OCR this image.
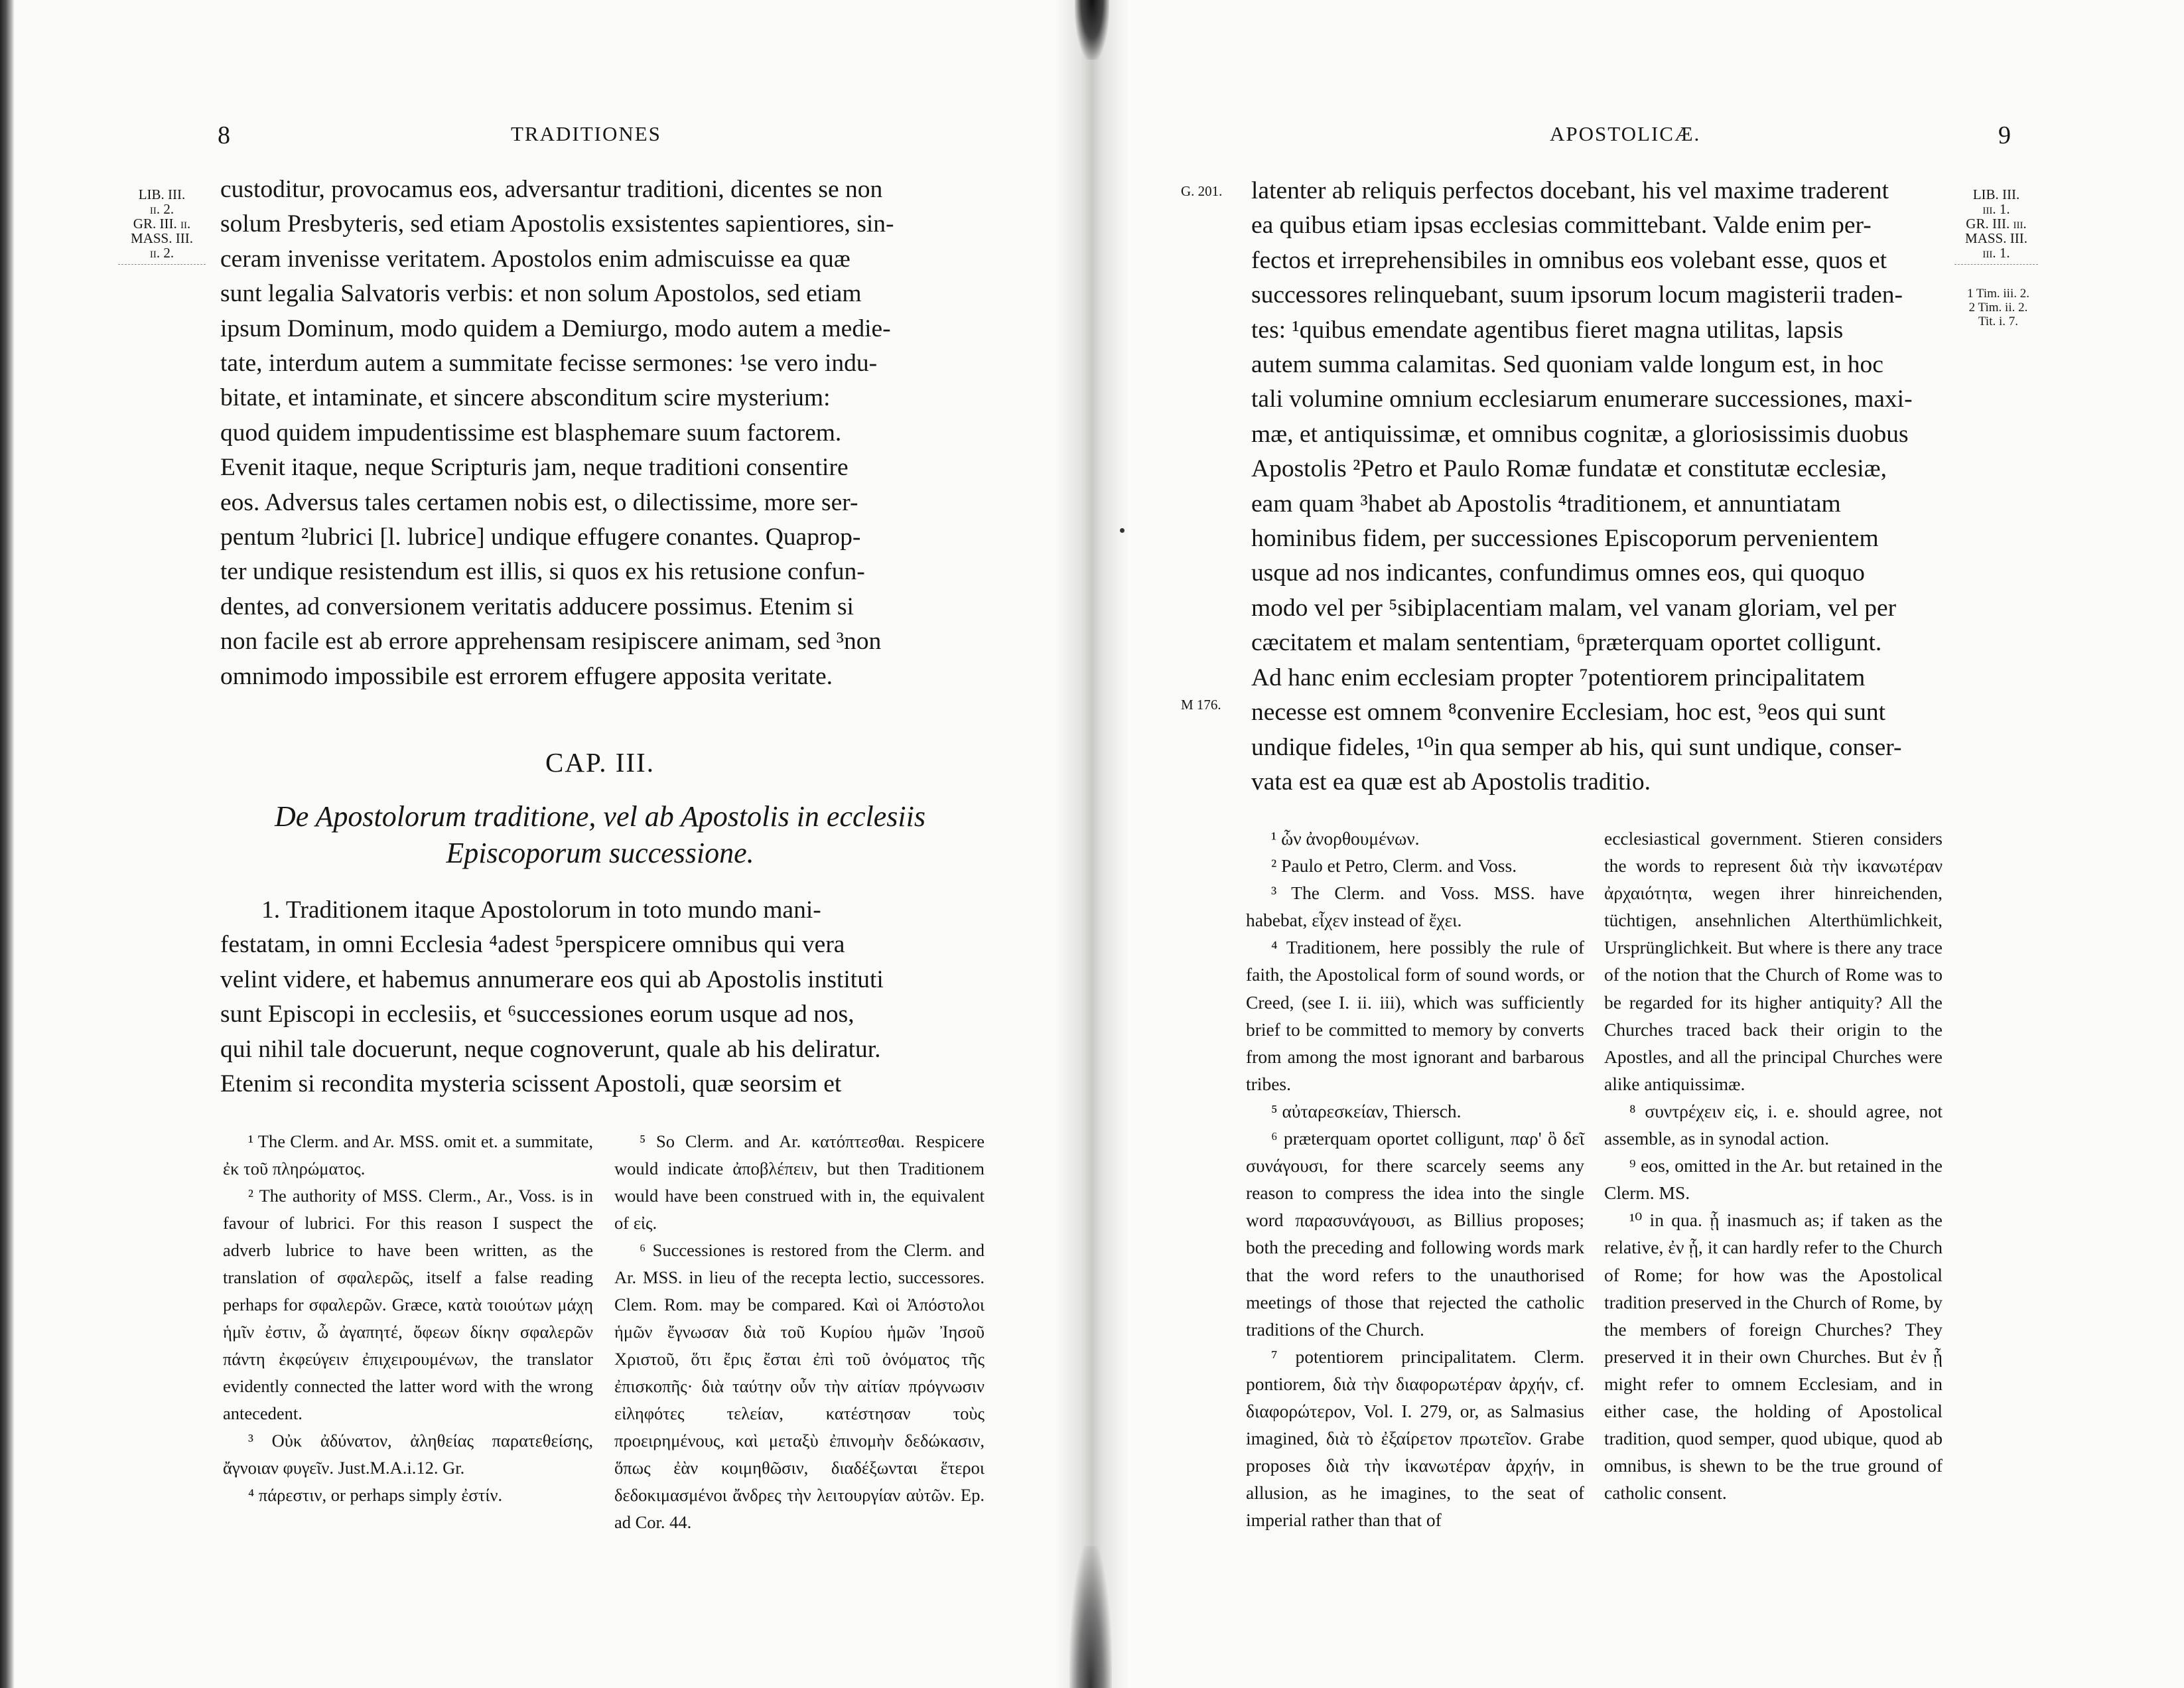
8	TRADITIONES
LIB. III.
ii. 2.
GR. III. ii.
MASS. III.
ii. 2.

custoditur, provocamus eos, adversantur traditioni, dicentes se non

solum Presbyteris, sed etiam Apostolis exsistentes sapientiores, sin-

ceram invenisse veritatem. Apostolos enim admiscuisse ea quæ

sunt legalia Salvatoris verbis: et non solum Apostolos, sed etiam

ipsum Dominum, modo quidem a Demiurgo, modo autem a medie-

tate, interdum autem a summitate fecisse sermones: ¹se vero indu-

bitate, et intaminate, et sincere absconditum scire mysterium:

quod quidem impudentissime est blasphemare suum factorem.

Evenit itaque, neque Scripturis jam, neque traditioni consentire

eos. Adversus tales certamen nobis est, o dilectissime, more ser-

pentum ²lubrici [l. lubrice] undique effugere conantes. Quaprop-

ter undique resistendum est illis, si quos ex his retusione confun-

dentes, ad conversionem veritatis adducere possimus. Etenim si

non facile est ab errore apprehensam resipiscere animam, sed ³non

omnimodo impossibile est errorem effugere apposita veritate.

CAP. III.
De Apostolorum traditione, vel ab Apostolis in ecclesiis
Episcoporum successione.

1. Traditionem itaque Apostolorum in toto mundo mani-

festatam, in omni Ecclesia ⁴adest ⁵perspicere omnibus qui vera

velint videre, et habemus annumerare eos qui ab Apostolis instituti

sunt Episcopi in ecclesiis, et ⁶successiones eorum usque ad nos,

qui nihil tale docuerunt, neque cognoverunt, quale ab his deliratur.

Etenim si recondita mysteria scissent Apostoli, quæ seorsim et

¹ The Clerm. and Ar. MSS. omit et. a summitate, ἐκ τοῦ πληρώματος.

² The authority of MSS. Clerm., Ar., Voss. is in favour of lubrici. For this reason I suspect the adverb lubrice to have been written, as the translation of σφαλερῶς, itself a false reading perhaps for σφαλερῶν. Græce, κατὰ τοιούτων μάχη ἡμῖν ἐστιν, ὦ ἀγαπητέ, ὄφεων δίκην σφαλερῶν πάντη ἐκφεύγειν ἐπιχειρουμένων, the translator evidently connected the latter word with the wrong antecedent.

³ Οὐκ ἀδύνατον, ἀληθείας παρατεθείσης, ἄγνοιαν φυγεῖν. Just.M.A.i.12. Gr.

⁴ πάρεστιν, or perhaps simply ἐστίν.

⁵ So Clerm. and Ar. κατόπτεσθαι. Respicere would indicate ἀποβλέπειν, but then Traditionem would have been construed with in, the equivalent of εἰς.

⁶ Successiones is restored from the Clerm. and Ar. MSS. in lieu of the recepta lectio, successores. Clem. Rom. may be compared. Καὶ οἱ Ἀπόστολοι ἡμῶν ἔγνωσαν διὰ τοῦ Κυρίου ἡμῶν Ἰησοῦ Χριστοῦ, ὅτι ἔρις ἔσται ἐπὶ τοῦ ὀνόματος τῆς ἐπισκοπῆς· διὰ ταύτην οὖν τὴν αἰτίαν πρόγνωσιν εἰληφότες τελείαν, κατέστησαν τοὺς προειρημένους, καὶ μεταξὺ ἐπινομὴν δεδώκασιν, ὅπως ἐὰν κοιμηθῶσιν, διαδέξωνται ἕτεροι δεδοκιμασμένοι ἄνδρες τὴν λειτουργίαν αὐτῶν. Ep. ad Cor. 44.

APOSTOLICÆ.	9
G. 201.
M 176.

latenter ab reliquis perfectos docebant, his vel maxime traderent

ea quibus etiam ipsas ecclesias committebant. Valde enim per-

fectos et irreprehensibiles in omnibus eos volebant esse, quos et

successores relinquebant, suum ipsorum locum magisterii traden-

tes: ¹quibus emendate agentibus fieret magna utilitas, lapsis

autem summa calamitas. Sed quoniam valde longum est, in hoc

tali volumine omnium ecclesiarum enumerare successiones, maxi-

mæ, et antiquissimæ, et omnibus cognitæ, a gloriosissimis duobus

Apostolis ²Petro et Paulo Romæ fundatæ et constitutæ ecclesiæ,

eam quam ³habet ab Apostolis ⁴traditionem, et annuntiatam

hominibus fidem, per successiones Episcoporum pervenientem

usque ad nos indicantes, confundimus omnes eos, qui quoquo

modo vel per ⁵sibiplacentiam malam, vel vanam gloriam, vel per

cæcitatem et malam sententiam, ⁶præterquam oportet colligunt.

Ad hanc enim ecclesiam propter ⁷potentiorem principalitatem

necesse est omnem ⁸convenire Ecclesiam, hoc est, ⁹eos qui sunt

undique fideles, ¹⁰in qua semper ab his, qui sunt undique, conser-

vata est ea quæ est ab Apostolis traditio.

LIB. III.
iii. 1.
GR. III. iii.
MASS. III.
iii. 1.
1 Tim. iii. 2.
2 Tim. ii. 2.
Tit. i. 7.

¹ ὧν ἀνορθουμένων.

² Paulo et Petro, Clerm. and Voss.

³ The Clerm. and Voss. MSS. have habebat, εἶχεν instead of ἔχει.

⁴ Traditionem, here possibly the rule of faith, the Apostolical form of sound words, or Creed, (see I. ii. iii), which was sufficiently brief to be committed to memory by converts from among the most ignorant and barbarous tribes.

⁵ αὐταρεσκείαν, Thiersch.

⁶ præterquam oportet colligunt, παρ' ὃ δεῖ συνάγουσι, for there scarcely seems any reason to compress the idea into the single word παρασυνάγουσι, as Billius proposes; both the preceding and following words mark that the word refers to the unauthorised meetings of those that rejected the catholic traditions of the Church.

⁷ potentiorem principalitatem. Clerm. pontiorem, διὰ τὴν διαφορωτέραν ἀρχήν, cf. διαφορώτερον, Vol. I. 279, or, as Salmasius imagined, διὰ τὸ ἐξαίρετον πρωτεῖον. Grabe proposes διὰ τὴν ἱκανωτέραν ἀρχήν, in allusion, as he imagines, to the seat of imperial rather than that of

ecclesiastical government. Stieren considers the words to represent διὰ τὴν ἱκανωτέραν ἀρχαιότητα, wegen ihrer hinreichenden, tüchtigen, ansehnlichen Alterthümlichkeit, Ursprünglichkeit. But where is there any trace of the notion that the Church of Rome was to be regarded for its higher antiquity? All the Churches traced back their origin to the Apostles, and all the principal Churches were alike antiquissimæ.

⁸ συντρέχειν εἰς, i. e. should agree, not assemble, as in synodal action.

⁹ eos, omitted in the Ar. but retained in the Clerm. MS.

¹⁰ in qua. ᾗ inasmuch as; if taken as the relative, ἐν ᾗ, it can hardly refer to the Church of Rome; for how was the Apostolical tradition preserved in the Church of Rome, by the members of foreign Churches? They preserved it in their own Churches. But ἐν ᾗ might refer to omnem Ecclesiam, and in either case, the holding of Apostolical tradition, quod semper, quod ubique, quod ab omnibus, is shewn to be the true ground of catholic consent.
